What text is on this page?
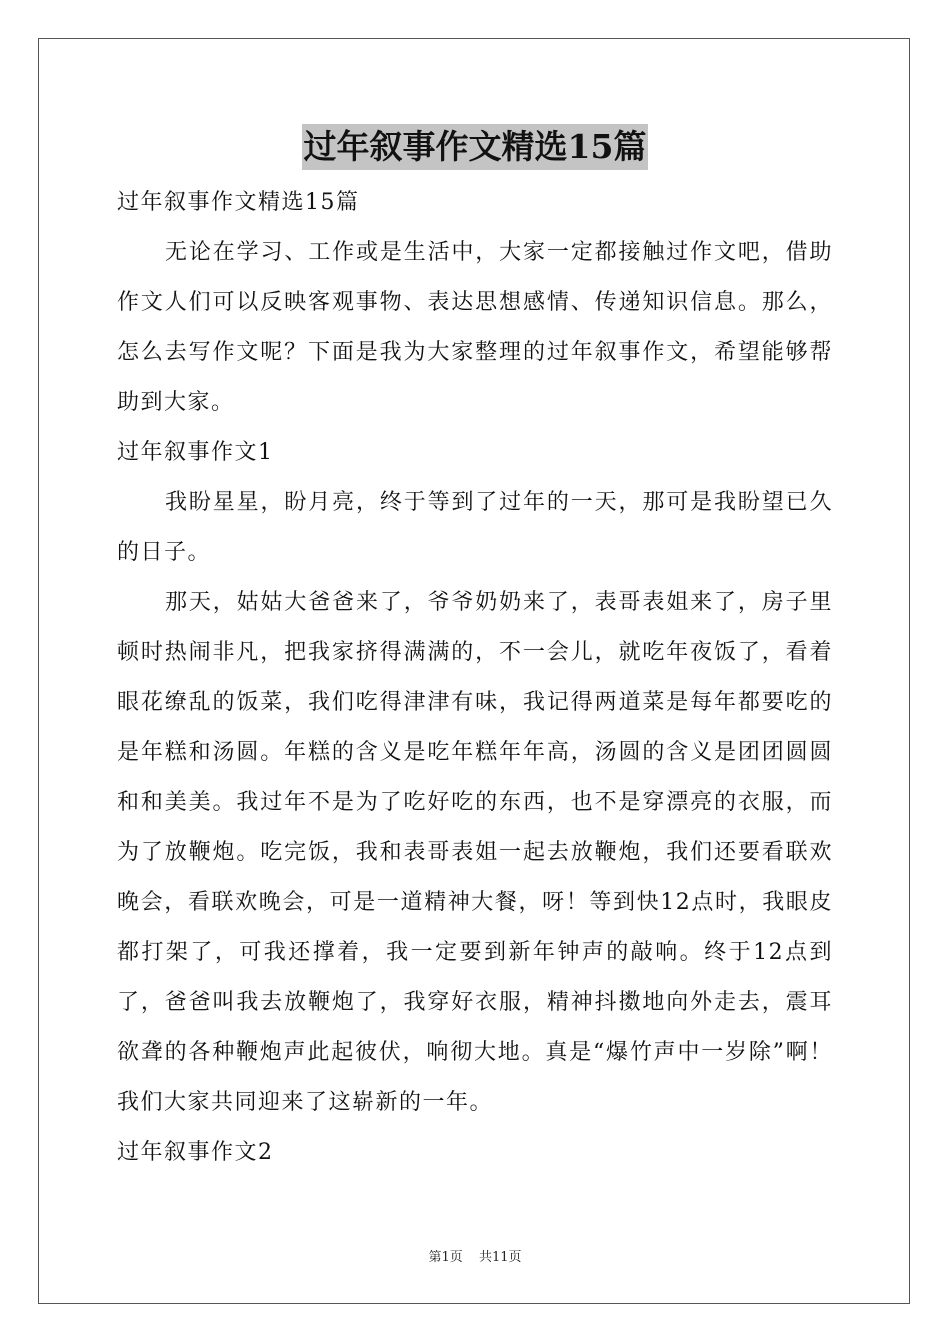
过年叙事作文精选15篇

过年叙事作文精选15篇

无论在学习、工作或是生活中，大家一定都接触过作文吧，借助作文人们可以反映客观事物、表达思想感情、传递知识信息。那么，怎么去写作文呢？下面是我为大家整理的过年叙事作文，希望能够帮助到大家。

过年叙事作文1

我盼星星，盼月亮，终于等到了过年的一天，那可是我盼望已久的日子。

那天，姑姑大爸爸来了，爷爷奶奶来了，表哥表姐来了，房子里顿时热闹非凡，把我家挤得满满的，不一会儿，就吃年夜饭了，看着眼花缭乱的饭菜，我们吃得津津有味，我记得两道菜是每年都要吃的是年糕和汤圆。年糕的含义是吃年糕年年高，汤圆的含义是团团圆圆和和美美。我过年不是为了吃好吃的东西，也不是穿漂亮的衣服，而为了放鞭炮。吃完饭，我和表哥表姐一起去放鞭炮，我们还要看联欢晚会，看联欢晚会，可是一道精神大餐，呀！等到快12点时，我眼皮都打架了，可我还撑着，我一定要到新年钟声的敲响。终于12点到了，爸爸叫我去放鞭炮了，我穿好衣服，精神抖擞地向外走去，震耳欲聋的各种鞭炮声此起彼伏，响彻大地。真是“爆竹声中一岁除”啊！我们大家共同迎来了这崭新的一年。

过年叙事作文2

第1页 共11页
